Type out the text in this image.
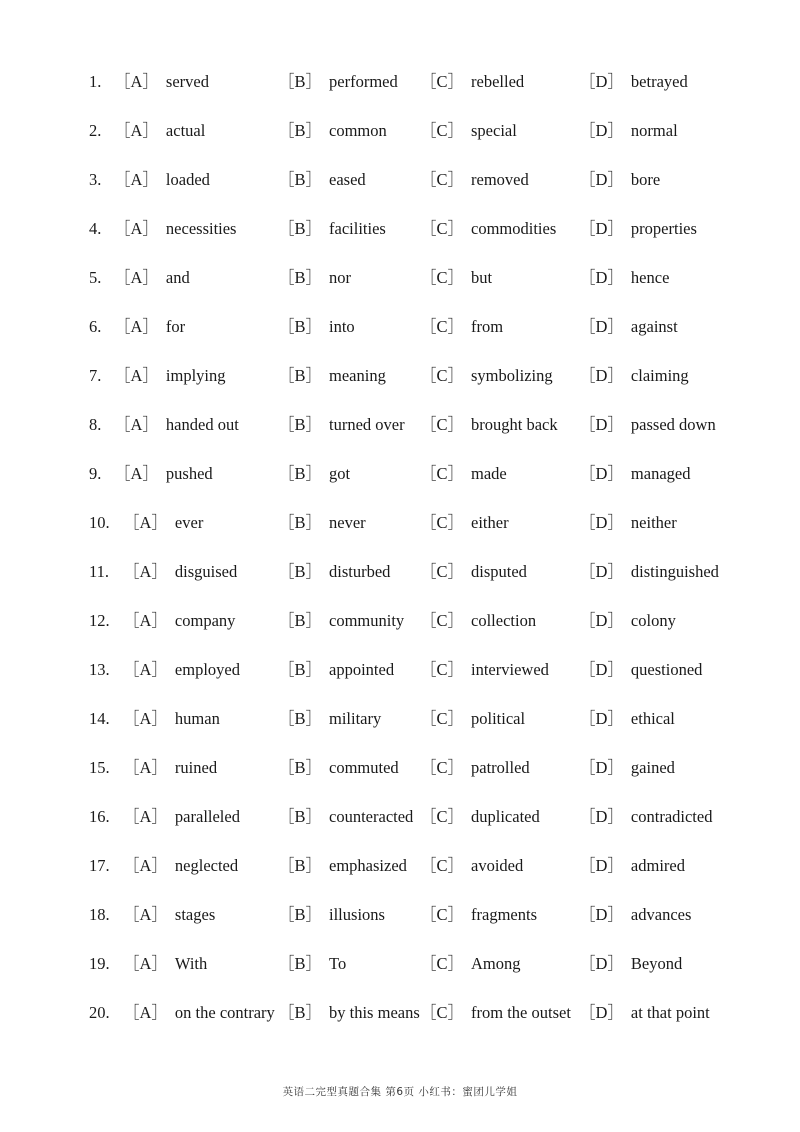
1. ［A］ served	［B］ performed ［C］ rebelled	［D］ betrayed
2. ［A］ actual	［B］ common ［C］ special	［D］ normal
3. ［A］ loaded	［B］ eased	［C］ removed	［D］ bore
4. ［A］ necessities	［B］ facilities ［C］ commodities ［D］ properties
5. ［A］ and	［B］ nor	［C］ but	［D］ hence
6. ［A］ for	［B］ into	［C］ from	［D］ against
7. ［A］ implying	［B］ meaning ［C］ symbolizing ［D］ claiming
8. ［A］ handed out ［B］ turned over ［C］ brought back ［D］ passed down
9. ［A］ pushed	［B］ got	［C］ made	［D］ managed
10. ［A］ ever	［B］ never	［C］ either	［D］ neither
11. ［A］ disguised ［B］ disturbed ［C］ disputed	［D］ distinguished
12. ［A］ company	［B］ community ［C］ collection	［D］ colony
13. ［A］ employed ［B］ appointed ［C］ interviewed ［D］ questioned
14. ［A］ human	［B］ military ［C］ political	［D］ ethical
15. ［A］ ruined	［B］ commuted ［C］ patrolled	［D］ gained
16. ［A］ paralleled ［B］ counteracted ［C］ duplicated ［D］ contradicted
17. ［A］ neglected ［B］ emphasized ［C］ avoided	［D］ admired
18. ［A］ stages	［B］ illusions ［C］ fragments	［D］ advances
19. ［A］ With	［B］ To	［C］ Among	［D］ Beyond
20. ［A］ on the contrary ［B］ by this means ［C］ from the outset ［D］ at that point
英语二完型真题合集 第6页 小红书：蜜团儿学姐
